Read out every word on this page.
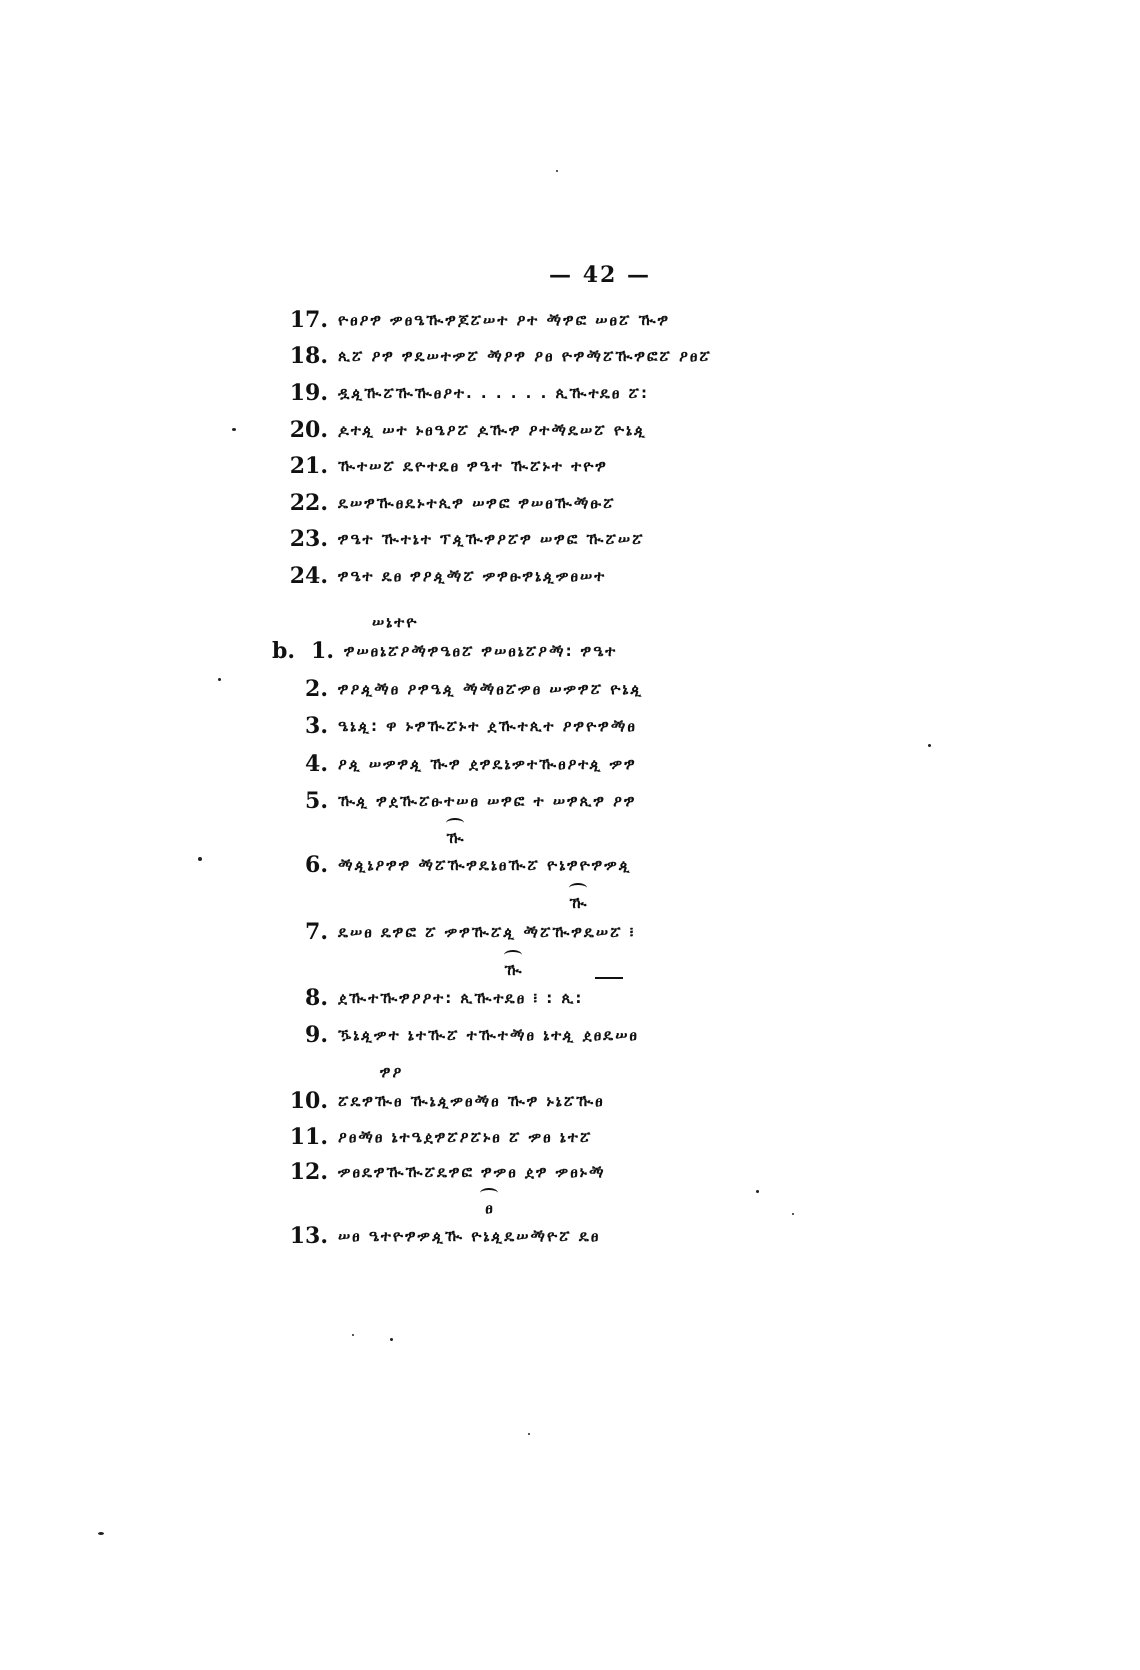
— 42 —
17. ዮፀዖፇ ዏፀዔዂፇጆፘሠተ ዖተ ፙፇፎ ሠፀፘ ዂፇ
18. ጲፘ ዖፇ ፇዴሠተዏፘ ፙዖፇ ዖፀ ዮፇፙፘዂፇፎፘ ዖፀፘ
19. ዷዺዂፘዂዂፀዖተ. . . . . . ጲዂተዴፀ ፘ:
20. ዾተዺ ሠተ ኑፀዔዖፘ ዾዂፇ ዖተፙዴሠፘ ዮኔዺ
21. ዂተሠፘ ዴዮተዴፀ ፇዔተ ዂፘኑተ ተዮፇ
22. ዴሠፇዂፀዴኑተጲፇ ሠፇፎ ፇሠፀዂፙፁፘ
23. ፇዔተ ዂተኔተ ፕዺዂፇዖፘፇ ሠፇፎ ዂፘሠፘ
24. ፇዔተ ዴፀ ፇዖዺፙፘ ዏፇፁፇኔዺዏፀሠተ
ሠኔተዮ
b. 1. ፇሠፀኔፘዖፙፇዔፀፘ ፇሠፀኔፘዖፙ: ፇዔተ
2. ፇዖዺፙፀ ዖፇዔዺ ፙፙፀፘዏፀ ሠዏፇፘ ዮኔዺ
3. ዔኔዺ: ዋ ኑፇዂፘኑተ ዸዂተጲተ ዖፇዮፇፙፀ
4. ዖዺ ሠዏፇዺ ዂፇ ዸፇዴኔዏተዂፀዖተዺ ዏፇ
5. ዂዺ ፇዸዂፘፁተሠፀ ሠፇፎ ተ ሠፇጲፇ ዖፇ
ዂ
6. ፙዺኔዖፇፇ ፙፘዂፇዴኔፀዂፘ ዮኔፇዮፇዏዺ
ዂ
7. ዴሠፀ ዴፇፎ ፘ ዏፇዂፘዺ ፙፘዂፇዴሠፘ ፧
ዂ
8. ዸዂተዂፇዖዖተ: ጲዂተዴፀ ፧ : ጲ:
9. ዄኔዺዏተ ኔተዂፘ ተዂተፙፀ ኔተዺ ዸፀዴሠፀ
ፇዖ
10. ፘዴፇዂፀ ዂኔዺዏፀፙፀ ዂፇ ኑኔፘዂፀ
11. ዖፀፙፀ ኔተዔዸፇፘዖፘኑፀ ፘ ዏፀ ኔተፘ
12. ዏፀዴፇዂዂፘዴፇፎ ፇዏፀ ዸፇ ዏፀኑፙ
ፀ
13. ሠፀ ዔተዮፇዏዺዂ ዮኔዺዴሠፙዮፘ ዴፀ
